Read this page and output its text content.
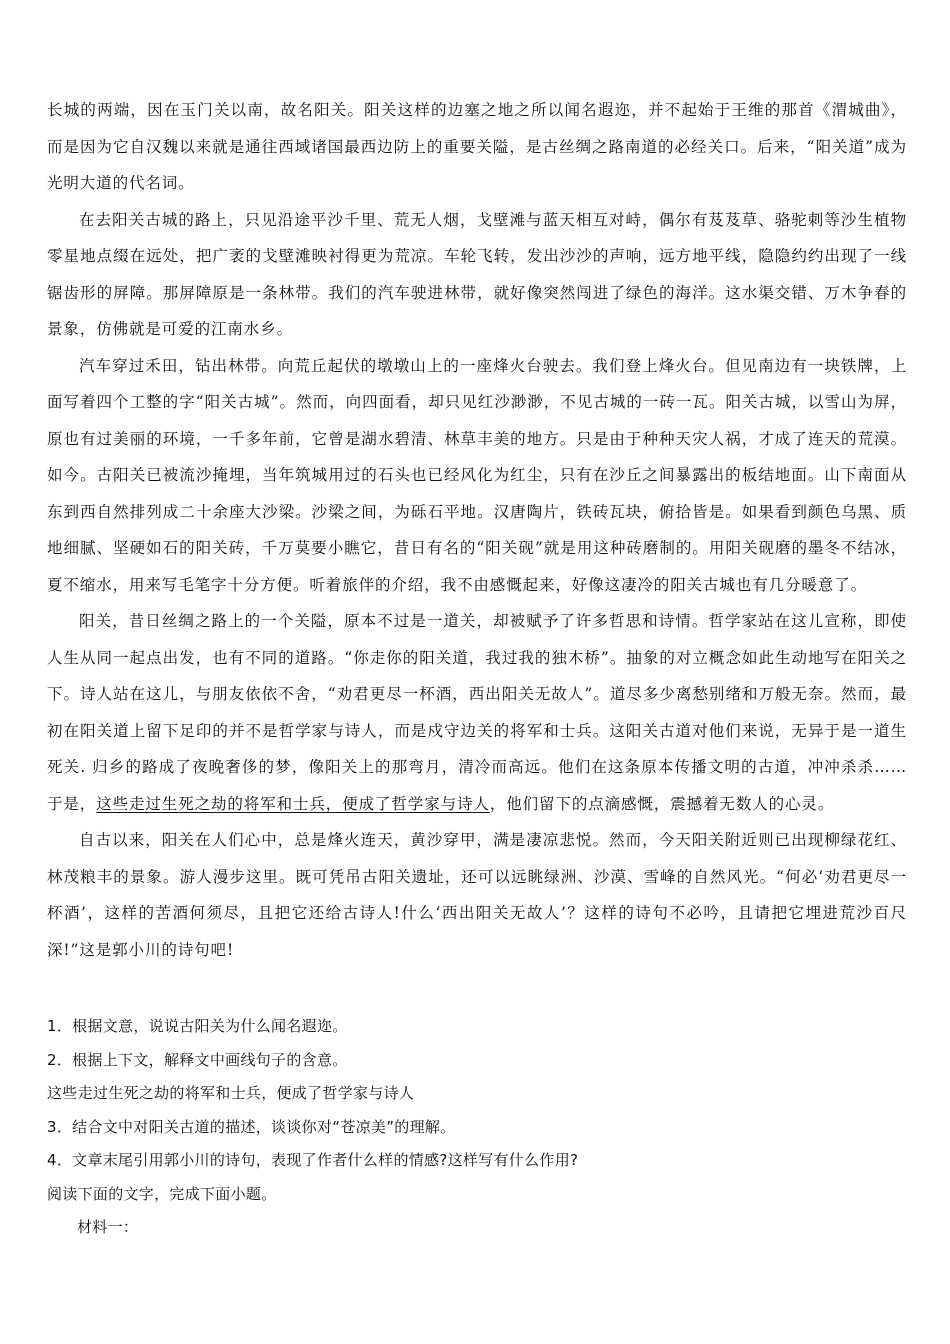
长城的两端，因在玉门关以南，故名阳关。阳关这样的边塞之地之所以闻名遐迩，并不起始于王维的那首《渭城曲》，而是因为它自汉魏以来就是通往西域诸国最西边防上的重要关隘，是古丝绸之路南道的必经关口。后来，“阳关道”成为光明大道的代名词。

在去阳关古城的路上，只见沿途平沙千里、荒无人烟，戈壁滩与蓝天相互对峙，偶尔有芨芨草、骆驼刺等沙生植物零星地点缀在远处，把广袤的戈壁滩映衬得更为荒凉。车轮飞转，发出沙沙的声响，远方地平线，隐隐约约出现了一线锯齿形的屏障。那屏障原是一条林带。我们的汽车驶进林带，就好像突然闯进了绿色的海洋。这水渠交错、万木争春的景象，仿佛就是可爱的江南水乡。

汽车穿过禾田，钻出林带。向荒丘起伏的墩墩山上的一座烽火台驶去。我们登上烽火台。但见南边有一块铁牌，上面写着四个工整的字“阳关古城”。然而，向四面看，却只见红沙渺渺，不见古城的一砖一瓦。阳关古城，以雪山为屏，原也有过美丽的环境，一千多年前，它曾是湖水碧清、林草丰美的地方。只是由于种种天灾人祸，才成了连天的荒漠。如今。古阳关已被流沙掩埋，当年筑城用过的石头也已经风化为红尘，只有在沙丘之间暴露出的板结地面。山下南面从东到西自然排列成二十余座大沙梁。沙梁之间，为砾石平地。汉唐陶片，铁砖瓦块，俯拾皆是。如果看到颜色乌黑、质地细腻、坚硬如石的阳关砖，千万莫要小瞧它，昔日有名的“阳关砚”就是用这种砖磨制的。用阳关砚磨的墨冬不结冰，夏不缩水，用来写毛笔字十分方便。听着旅伴的介绍，我不由感慨起来，好像这凄冷的阳关古城也有几分暖意了。

阳关，昔日丝绸之路上的一个关隘，原本不过是一道关，却被赋予了许多哲思和诗情。哲学家站在这儿宣称，即使人生从同一起点出发，也有不同的道路。“你走你的阳关道，我过我的独木桥”。抽象的对立概念如此生动地写在阳关之下。诗人站在这儿，与朋友依依不舍，“劝君更尽一杯酒，西出阳关无故人”。道尽多少离愁别绪和万般无奈。然而，最初在阳关道上留下足印的并不是哲学家与诗人，而是戍守边关的将军和士兵。这阳关古道对他们来说，无异于是一道生死关. 归乡的路成了夜晚奢侈的梦，像阳关上的那弯月，清冷而高远。他们在这条原本传播文明的古道，冲冲杀杀……于是，这些走过生死之劫的将军和士兵，便成了哲学家与诗人，他们留下的点滴感慨，震撼着无数人的心灵。

自古以来，阳关在人们心中，总是烽火连天，黄沙穿甲，满是凄凉悲悦。然而，今天阳关附近则已出现柳绿花红、林茂粮丰的景象。游人漫步这里。既可凭吊古阳关遗址，还可以远眺绿洲、沙漠、雪峰的自然风光。“何必‘劝君更尽一杯酒’，这样的苦酒何须尽，且把它还给古诗人!什么‘西出阳关无故人’？这样的诗句不必吟，且请把它埋进荒沙百尺深!”这是郭小川的诗句吧!

1．根据文意，说说古阳关为什么闻名遐迩。

2．根据上下文，解释文中画线句子的含意。

这些走过生死之劫的将军和士兵，便成了哲学家与诗人

3．结合文中对阳关古道的描述，谈谈你对“苍凉美”的理解。

4．文章末尾引用郭小川的诗句，表现了作者什么样的情感?这样写有什么作用?

阅读下面的文字，完成下面小题。

材料一：
